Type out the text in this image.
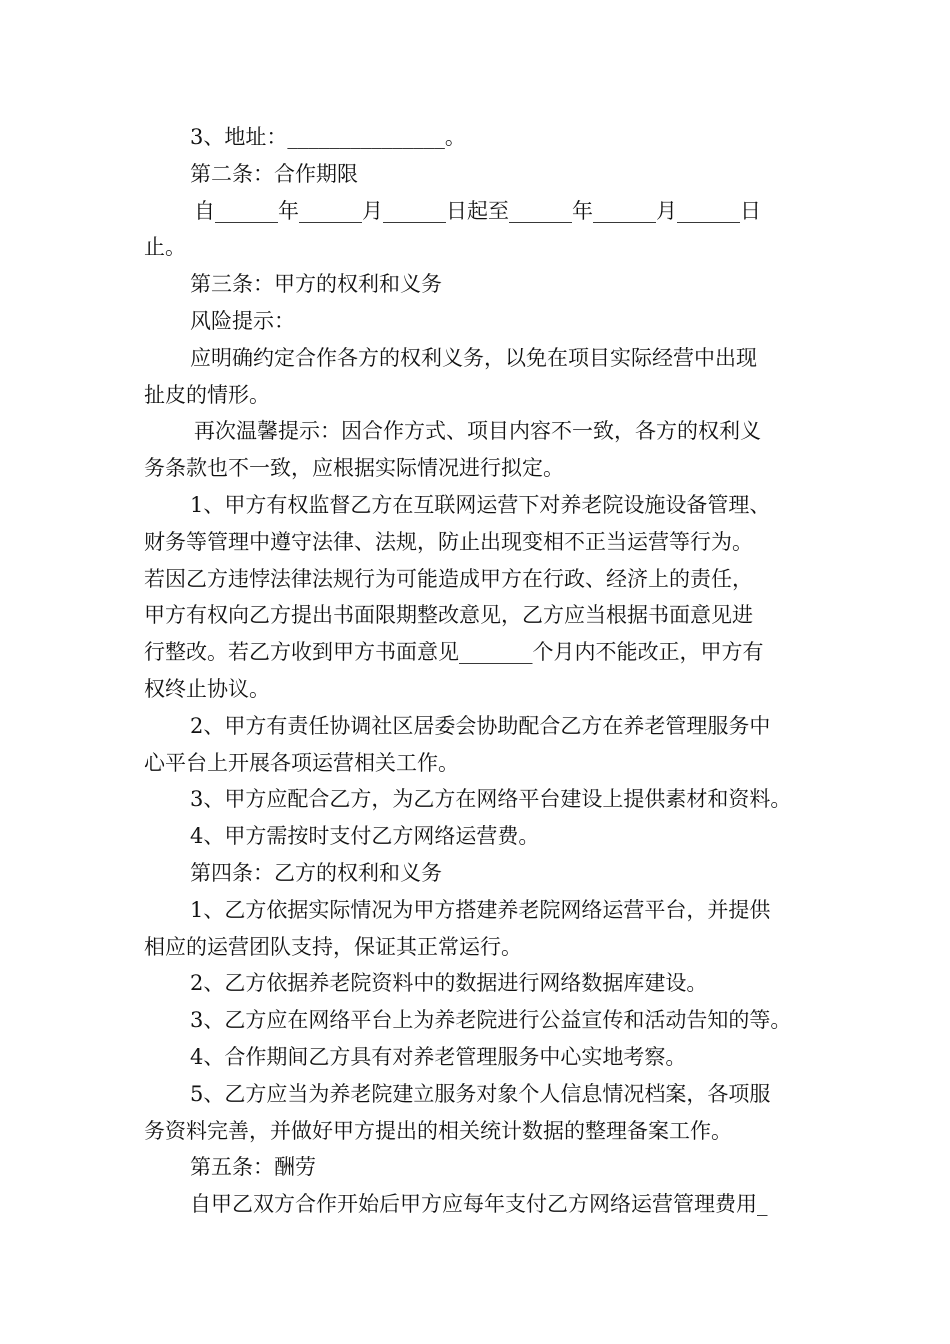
3、地址：_______________。
第二条：合作期限
自______年______月______日起至______年______月______日
止。
第三条：甲方的权利和义务
风险提示：
应明确约定合作各方的权利义务，以免在项目实际经营中出现
扯皮的情形。
再次温馨提示：因合作方式、项目内容不一致，各方的权利义
务条款也不一致，应根据实际情况进行拟定。
1、甲方有权监督乙方在互联网运营下对养老院设施设备管理、
财务等管理中遵守法律、法规，防止出现变相不正当运营等行为。
若因乙方违悖法律法规行为可能造成甲方在行政、经济上的责任，
甲方有权向乙方提出书面限期整改意见，乙方应当根据书面意见进
行整改。若乙方收到甲方书面意见_______个月内不能改正，甲方有
权终止协议。
2、甲方有责任协调社区居委会协助配合乙方在养老管理服务中
心平台上开展各项运营相关工作。
3、甲方应配合乙方，为乙方在网络平台建设上提供素材和资料。
4、甲方需按时支付乙方网络运营费。
第四条：乙方的权利和义务
1、乙方依据实际情况为甲方搭建养老院网络运营平台，并提供
相应的运营团队支持，保证其正常运行。
2、乙方依据养老院资料中的数据进行网络数据库建设。
3、乙方应在网络平台上为养老院进行公益宣传和活动告知的等。
4、合作期间乙方具有对养老管理服务中心实地考察。
5、乙方应当为养老院建立服务对象个人信息情况档案，各项服
务资料完善，并做好甲方提出的相关统计数据的整理备案工作。
第五条：酬劳
自甲乙双方合作开始后甲方应每年支付乙方网络运营管理费用_
